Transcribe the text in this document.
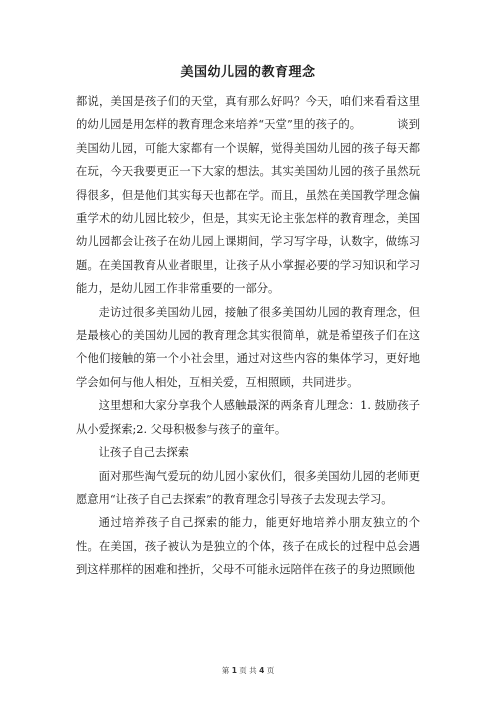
美国幼儿园的教育理念

都说，美国是孩子们的天堂，真有那么好吗？今天，咱们来看看这里的幼儿园是用怎样的教育理念来培养“天堂”里的孩子的。	谈到美国幼儿园，可能大家都有一个误解，觉得美国幼儿园的孩子每天都在玩，今天我要更正一下大家的想法。其实美国幼儿园的孩子虽然玩得很多，但是他们其实每天也都在学。而且，虽然在美国教学理念偏重学术的幼儿园比较少，但是，其实无论主张怎样的教育理念，美国幼儿园都会让孩子在幼儿园上课期间，学习写字母，认数字，做练习题。在美国教育从业者眼里，让孩子从小掌握必要的学习知识和学习能力，是幼儿园工作非常重要的一部分。

走访过很多美国幼儿园，接触了很多美国幼儿园的教育理念，但是最核心的美国幼儿园的教育理念其实很简单，就是希望孩子们在这个他们接触的第一个小社会里，通过对这些内容的集体学习，更好地学会如何与他人相处，互相关爱，互相照顾，共同进步。

这里想和大家分享我个人感触最深的两条育儿理念：1. 鼓励孩子从小爱探索;2. 父母积极参与孩子的童年。

让孩子自己去探索

面对那些淘气爱玩的幼儿园小家伙们，很多美国幼儿园的老师更愿意用“让孩子自己去探索”的教育理念引导孩子去发现去学习。

通过培养孩子自己探索的能力，能更好地培养小朋友独立的个性。在美国，孩子被认为是独立的个体，孩子在成长的过程中总会遇到这样那样的困难和挫折，父母不可能永远陪伴在孩子的身边照顾他

第 1 页 共 4 页
